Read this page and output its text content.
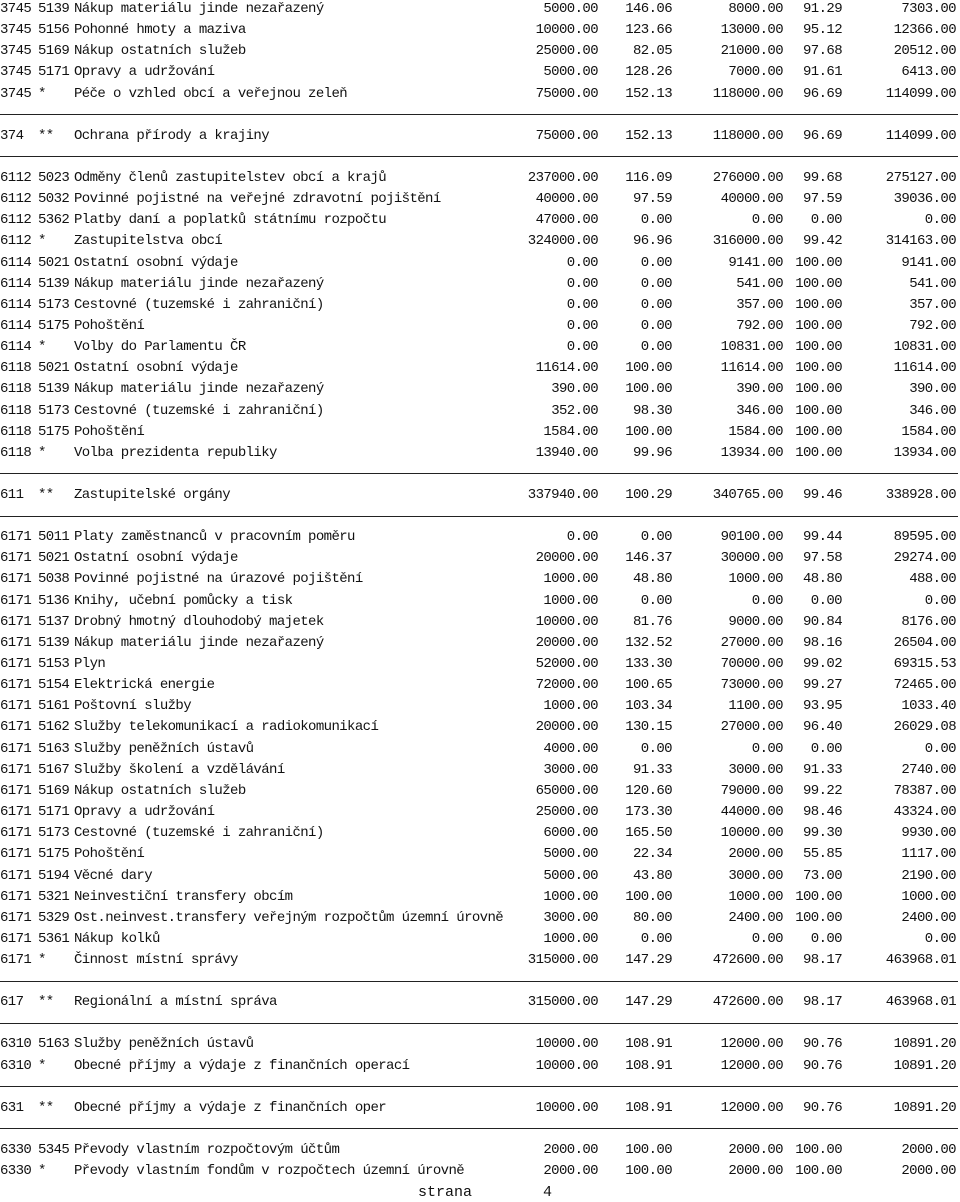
3745 5139 Nákup materiálu jinde nezařazený	5000.00 146.06	8000.00 91.29	7303.00
3745 5156 Pohonné hmoty a maziva	10000.00 123.66	13000.00 95.12	12366.00
3745 5169 Nákup ostatních služeb	25000.00 82.05	21000.00 97.68	20512.00
3745 5171 Opravy a udržování	5000.00 128.26	7000.00 91.61	6413.00
3745 *	Péče o vzhled obcí a veřejnou zeleň	75000.00 152.13	118000.00 96.69	114099.00
374	**	Ochrana přírody a krajiny	75000.00 152.13	118000.00 96.69	114099.00
6112 5023 Odměny členů zastupitelstev obcí a krajů	237000.00 116.09	276000.00 99.68	275127.00
6112 5032 Povinné pojistné na veřejné zdravotní pojištění	40000.00 97.59	40000.00 97.59	39036.00
6112 5362 Platby daní a poplatků státnímu rozpočtu	47000.00	0.00	0.00 0.00	0.00
6112 *	Zastupitelstva obcí	324000.00 96.96	316000.00 99.42	314163.00
6114 5021 Ostatní osobní výdaje	0.00	0.00	9141.00 100.00	9141.00
6114 5139 Nákup materiálu jinde nezařazený	0.00	0.00	541.00 100.00	541.00
6114 5173 Cestovné (tuzemské i zahraniční)	0.00	0.00	357.00 100.00	357.00
6114 5175 Pohoštění	0.00	0.00	792.00 100.00	792.00
6114 *	Volby do Parlamentu ČR	0.00	0.00	10831.00 100.00	10831.00
6118 5021 Ostatní osobní výdaje	11614.00 100.00	11614.00 100.00	11614.00
6118 5139 Nákup materiálu jinde nezařazený	390.00 100.00	390.00 100.00	390.00
6118 5173 Cestovné (tuzemské i zahraniční)	352.00 98.30	346.00 100.00	346.00
6118 5175 Pohoštění	1584.00 100.00	1584.00 100.00	1584.00
6118 *	Volba prezidenta republiky	13940.00 99.96	13934.00 100.00	13934.00
611	**	Zastupitelské orgány	337940.00 100.29	340765.00 99.46	338928.00
6171 5011 Platy zaměstnanců v pracovním poměru	0.00	0.00	90100.00 99.44	89595.00
6171 5021 Ostatní osobní výdaje	20000.00 146.37	30000.00 97.58	29274.00
6171 5038 Povinné pojistné na úrazové pojištění	1000.00 48.80	1000.00 48.80	488.00
6171 5136 Knihy, učební pomůcky a tisk	1000.00	0.00	0.00 0.00	0.00
6171 5137 Drobný hmotný dlouhodobý majetek	10000.00 81.76	9000.00 90.84	8176.00
6171 5139 Nákup materiálu jinde nezařazený	20000.00 132.52	27000.00 98.16	26504.00
6171 5153 Plyn	52000.00 133.30	70000.00 99.02	69315.53
6171 5154 Elektrická energie	72000.00 100.65	73000.00 99.27	72465.00
6171 5161 Poštovní služby	1000.00 103.34	1100.00 93.95	1033.40
6171 5162 Služby telekomunikací a radiokomunikací	20000.00 130.15	27000.00 96.40	26029.08
6171 5163 Služby peněžních ústavů	4000.00	0.00	0.00 0.00	0.00
6171 5167 Služby školení a vzdělávání	3000.00 91.33	3000.00 91.33	2740.00
6171 5169 Nákup ostatních služeb	65000.00 120.60	79000.00 99.22	78387.00
6171 5171 Opravy a udržování	25000.00 173.30	44000.00 98.46	43324.00
6171 5173 Cestovné (tuzemské i zahraniční)	6000.00 165.50	10000.00 99.30	9930.00
6171 5175 Pohoštění	5000.00 22.34	2000.00 55.85	1117.00
6171 5194 Věcné dary	5000.00 43.80	3000.00 73.00	2190.00
6171 5321 Neinvestiční transfery obcím	1000.00 100.00	1000.00 100.00	1000.00
6171 5329 Ost.neinvest.transfery veřejným rozpočtům územní úrovně	3000.00 80.00	2400.00 100.00	2400.00
6171 5361 Nákup kolků	1000.00	0.00	0.00 0.00	0.00
6171 *	Činnost místní správy	315000.00 147.29	472600.00 98.17	463968.01
617	**	Regionální a místní správa	315000.00 147.29	472600.00 98.17	463968.01
6310 5163 Služby peněžních ústavů	10000.00 108.91	12000.00 90.76	10891.20
6310 *	Obecné příjmy a výdaje z finančních operací	10000.00 108.91	12000.00 90.76	10891.20
631	**	Obecné příjmy a výdaje z finančních oper	10000.00 108.91	12000.00 90.76	10891.20
6330 5345 Převody vlastním rozpočtovým účtům	2000.00 100.00	2000.00 100.00	2000.00
6330 *	Převody vlastním fondům v rozpočtech územní úrovně	2000.00 100.00	2000.00 100.00	2000.00
strana	4
